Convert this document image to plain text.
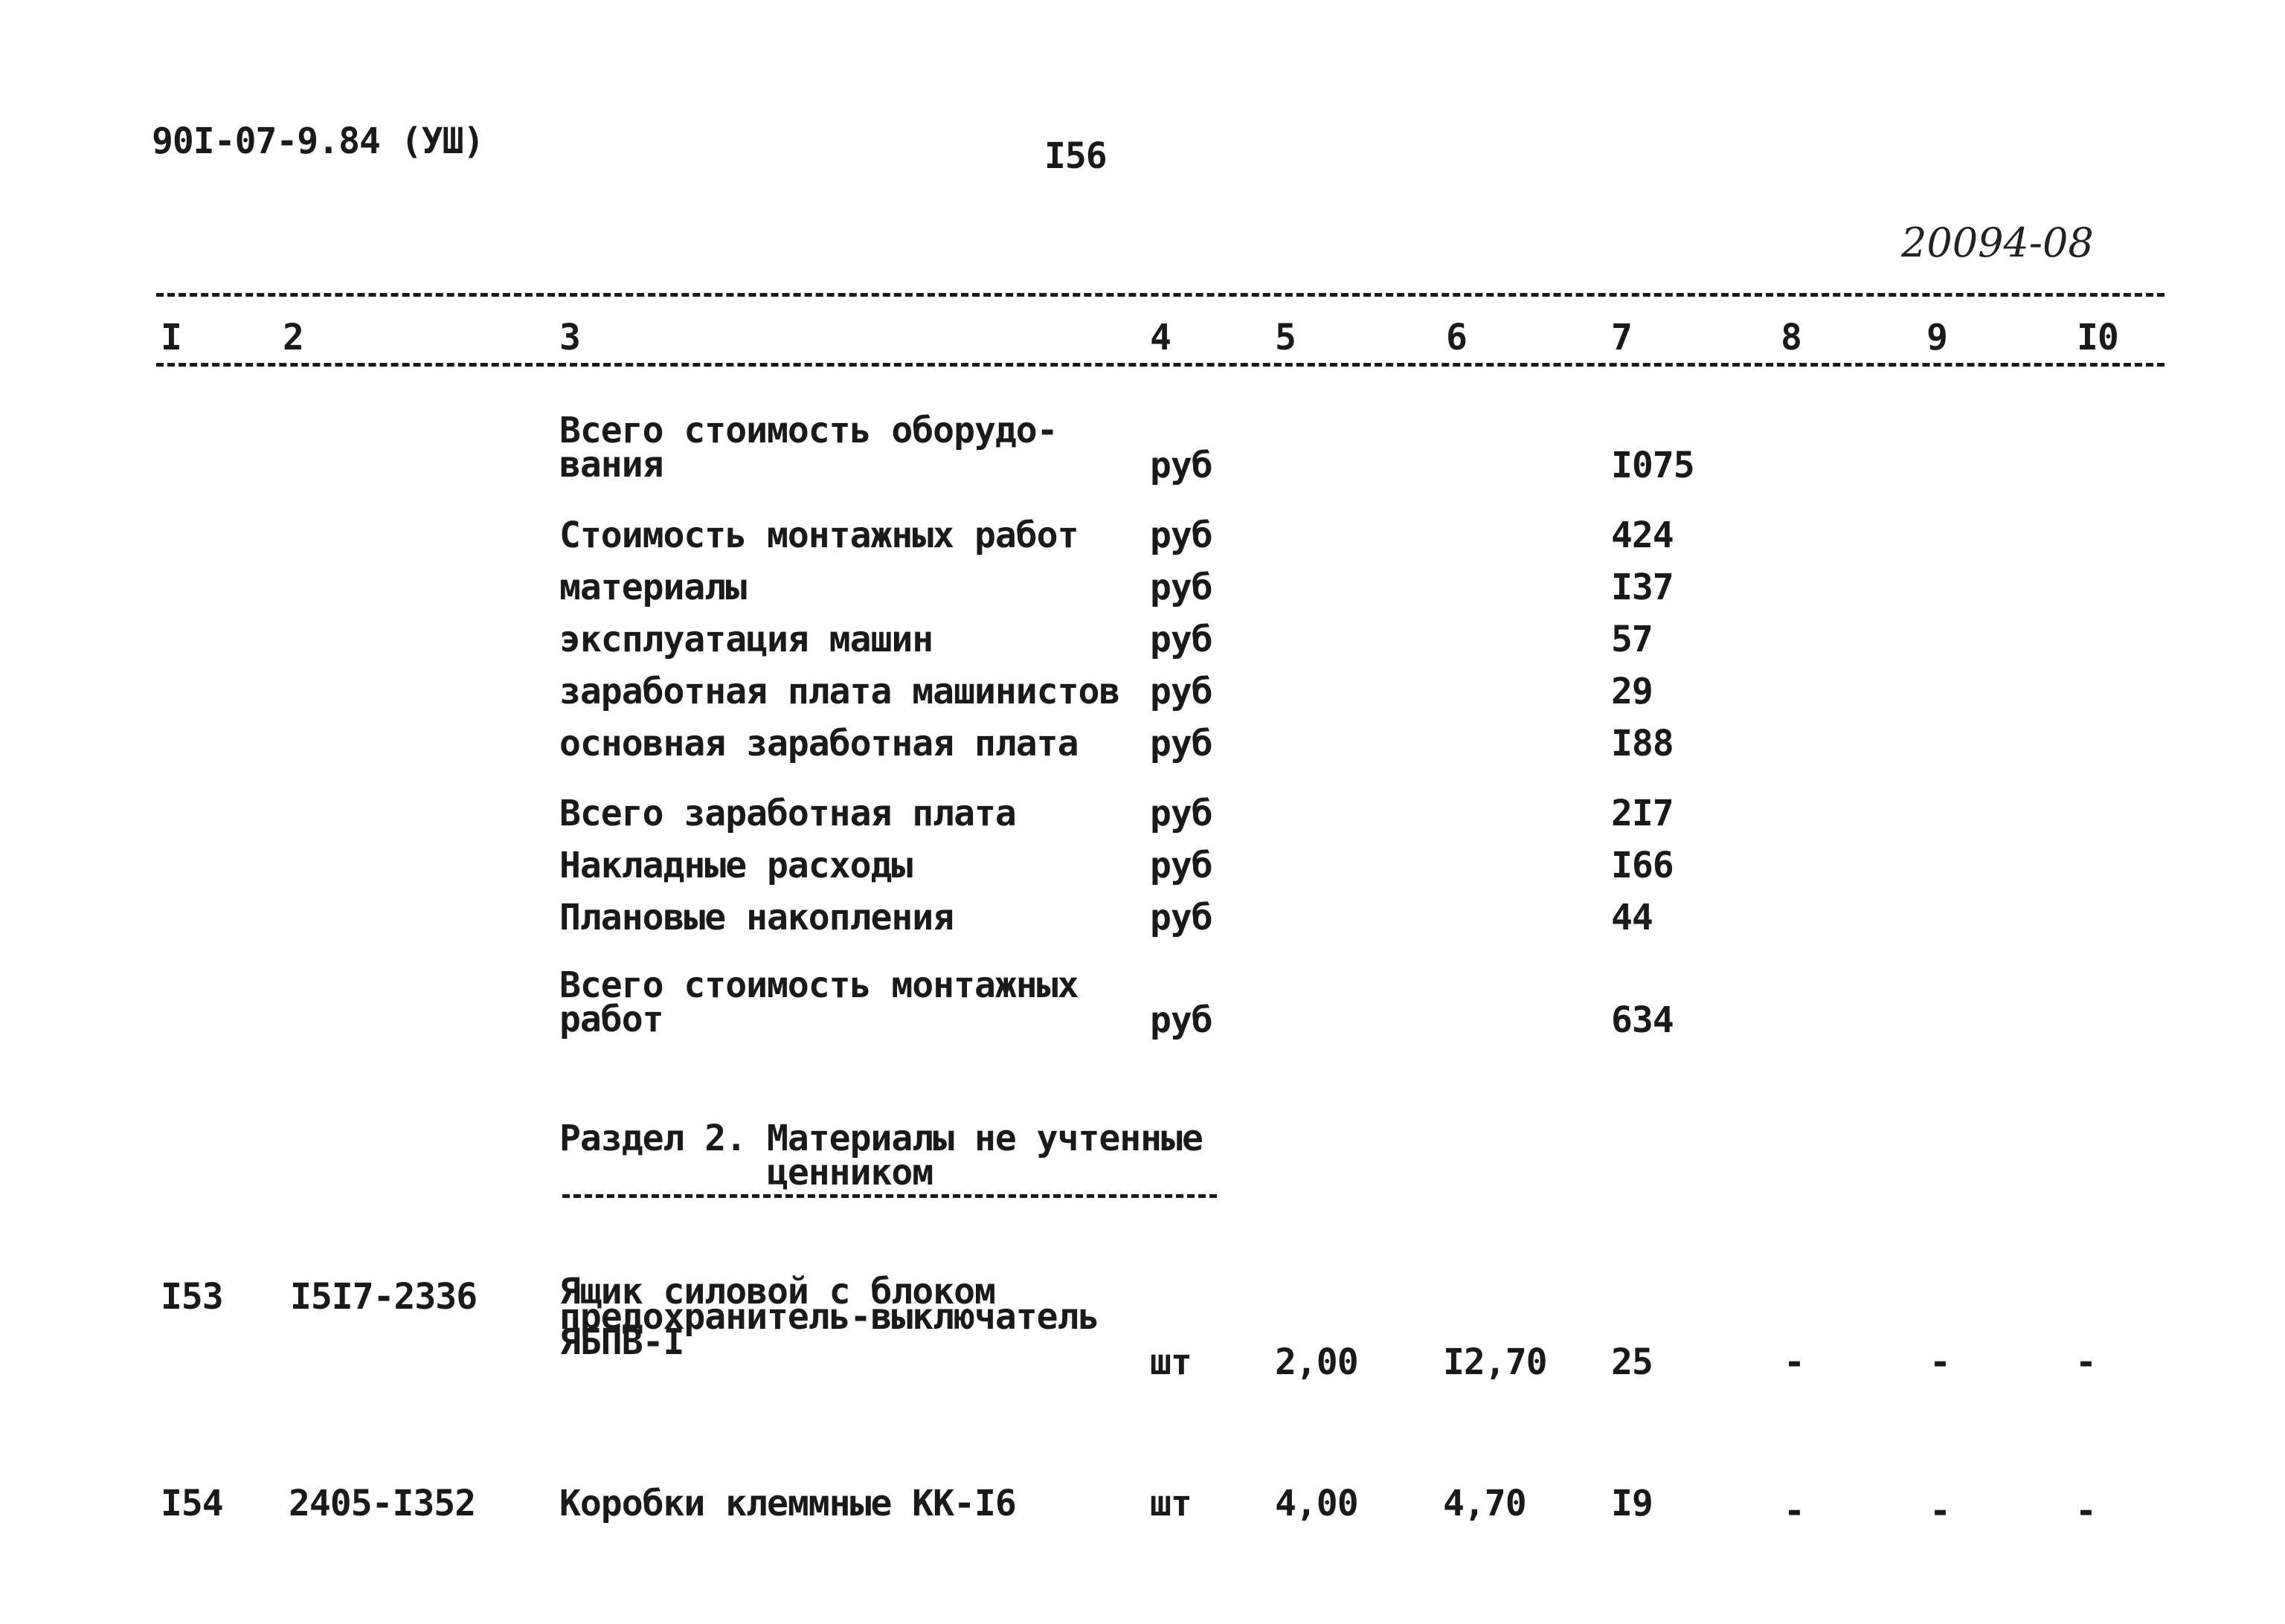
90I-07-9.84 (УШ)	I56
20094-08
I	2	3	4	5	6	7	8	9	I0
Всего стоимость оборудо-
вания	руб	I075
Стоимость монтажных работ руб	424
материалы	руб	I37
эксплуатация машин	руб	57
заработная плата машинистов руб	29
основная заработная плата руб	I88
Всего заработная плата	руб	2I7
Накладные расходы	руб	I66
Плановые накопления	руб	44
Всего стоимость монтажных
работ	руб	634
Раздел 2. Материалы не учтенные
ценником
I53 I5I7-2336 Ящик силовой с блоком
предохранитель-выключатель
ЯБПВ-I	шт 2,00 I2,70 25	-	-	-
I54 2405-I352 Коробки клеммные КК-I6	шт 4,00 4,70 I9	-	-	-
